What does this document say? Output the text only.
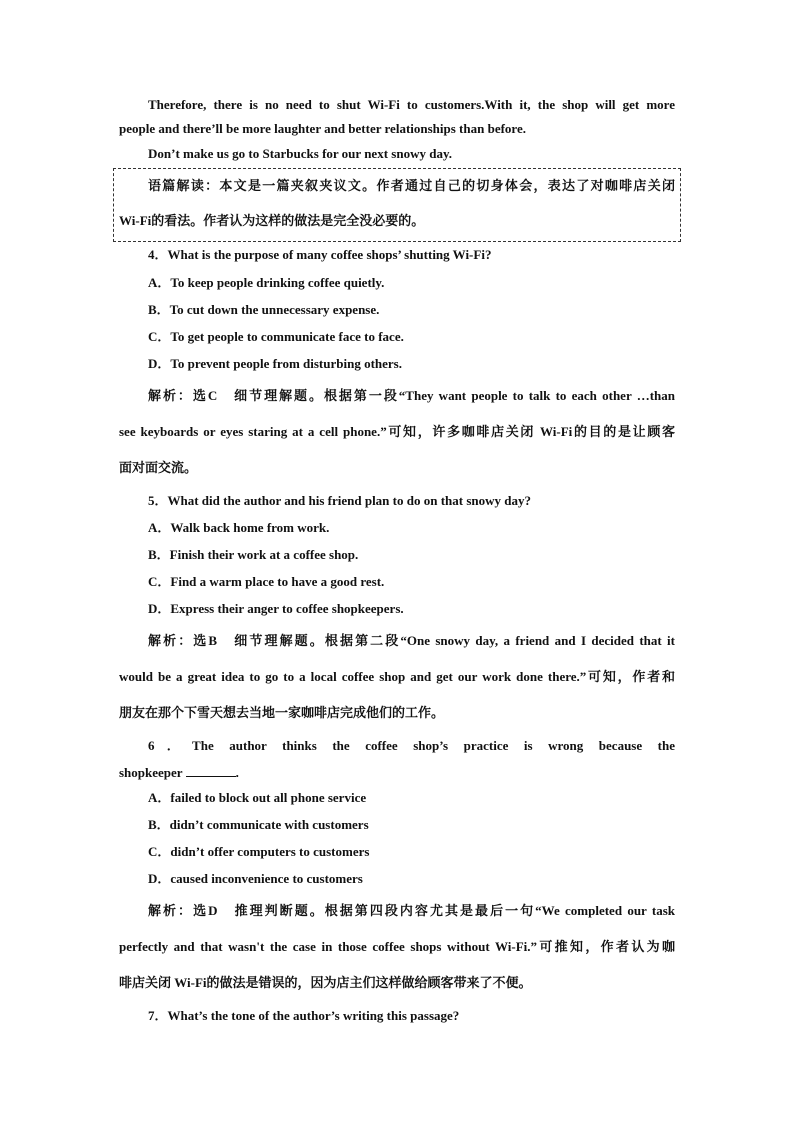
Therefore, there is no need to shut Wi-Fi to customers.With it, the shop will get more
people and there’ll be more laughter and better relationships than before.
Don’t make us go to Starbucks for our next snowy day.
语篇解读：本文是一篇夹叙夹议文。作者通过自己的切身体会，表达了对咖啡店关闭
Wi-Fi的看法。作者认为这样的做法是完全没必要的。
4．What is the purpose of many coffee shops’ shutting Wi-Fi?
A．To keep people drinking coffee quietly.
B．To cut down the unnecessary expense.
C．To get people to communicate face to face.
D．To prevent people from disturbing others.
解析：选C　细节理解题。根据第一段“They want people to talk to each other …than
see keyboards or eyes staring at a cell phone.”可知，许多咖啡店关闭 Wi-Fi的目的是让顾客
面对面交流。
5．What did the author and his friend plan to do on that snowy day?
A．Walk back home from work.
B．Finish their work at a coffee shop.
C．Find a warm place to have a good rest.
D．Express their anger to coffee shopkeepers.
解析：选B　细节理解题。根据第二段“One snowy day, a friend and I decided that it
would be a great idea to go to a local coffee shop and get our work done there.”可知，作者和
朋友在那个下雪天想去当地一家咖啡店完成他们的工作。
6．The author thinks the coffee shop’s practice is wrong because the
shopkeeper	.
A．failed to block out all phone service
B．didn’t communicate with customers
C．didn’t offer computers to customers
D．caused inconvenience to customers
解析：选D　推理判断题。根据第四段内容尤其是最后一句“We completed our task
perfectly and that wasn't the case in those coffee shops without Wi-Fi.”可推知，作者认为咖
啡店关闭 Wi-Fi的做法是错误的，因为店主们这样做给顾客带来了不便。
7．What’s the tone of the author’s writing this passage?
